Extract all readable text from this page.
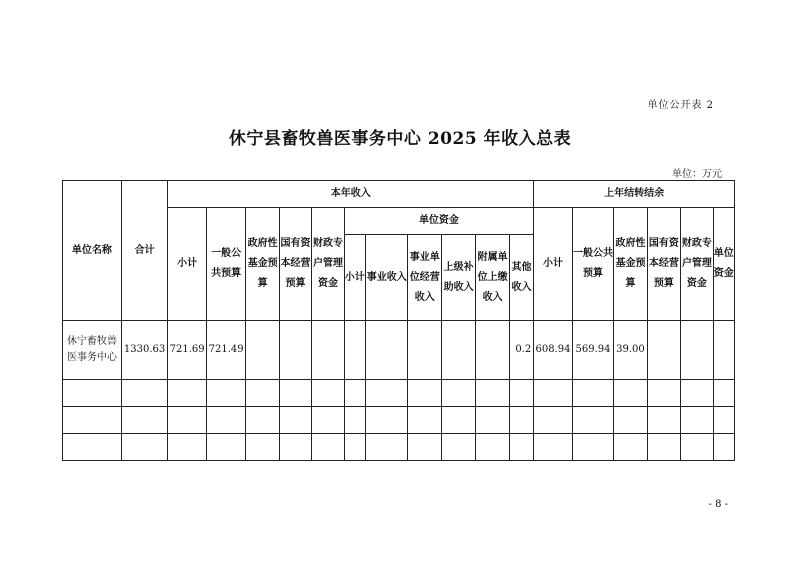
单位公开表 2
休宁县畜牧兽医事务中心 2025 年收入总表
单位：万元
单位名称	合计	本年收入											上年结转结余					
		小计	一般公共预算	政府性基金预算	国有资本经营预算	财政专户管理资金	单位资金						小计	一般公共预算	政府性基金预算	国有资本经营预算	财政专户管理资金	单位资金
							小计	事业收入	事业单位经营收入	上级补助收入	附属单位上缴收入	其他收入						

休宁畜牧兽医事务中心	1330.63	721.69	721.49									0.2	608.94	569.94	39.00			

- 8 -
